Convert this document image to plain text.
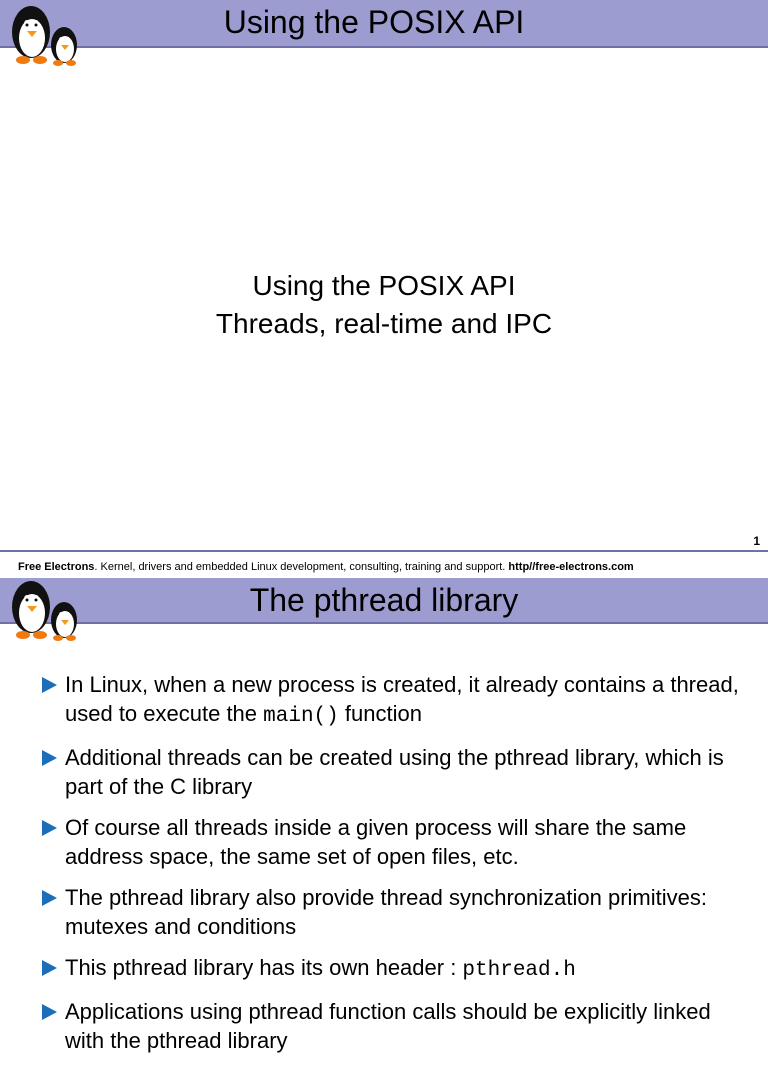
Using the POSIX API
Using the POSIX API
Threads, real-time and IPC
1
Free Electrons. Kernel, drivers and embedded Linux development, consulting, training and support. http//free-electrons.com
The pthread library
In Linux, when a new process is created, it already contains a thread, used to execute the main() function
Additional threads can be created using the pthread library, which is part of the C library
Of course all threads inside a given process will share the same address space, the same set of open files, etc.
The pthread library also provide thread synchronization primitives: mutexes and conditions
This pthread library has its own header : pthread.h
Applications using pthread function calls should be explicitly linked with the pthread library
